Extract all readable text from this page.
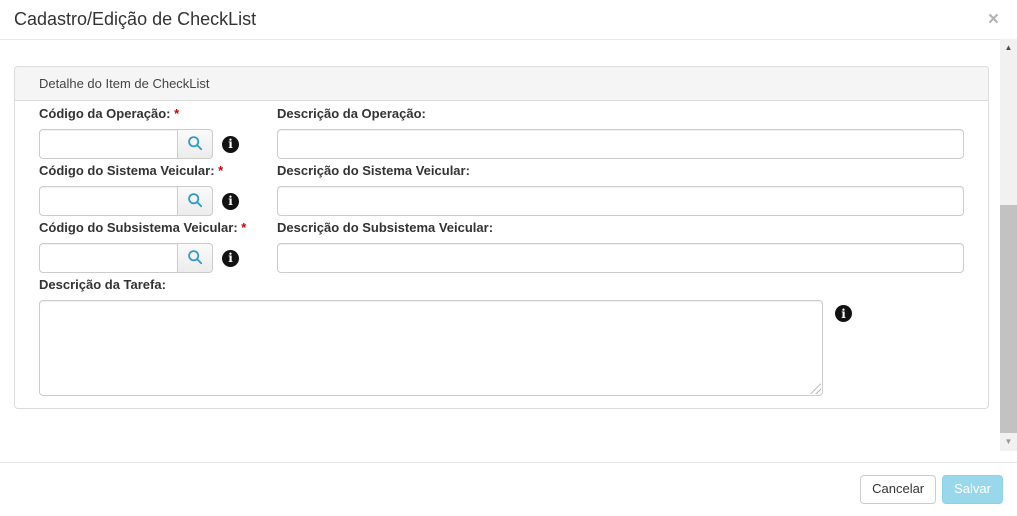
Cadastro/Edição de CheckList	×
Detalhe do Item de CheckList
Código da Operação: *
i
Descrição da Operação:
Código do Sistema Veicular: *
i
Descrição do Sistema Veicular:
Código do Subsistema Veicular: *
i
Descrição do Subsistema Veicular:
Descrição da Tarefa:
i
▲
▼
Cancelar	Salvar
